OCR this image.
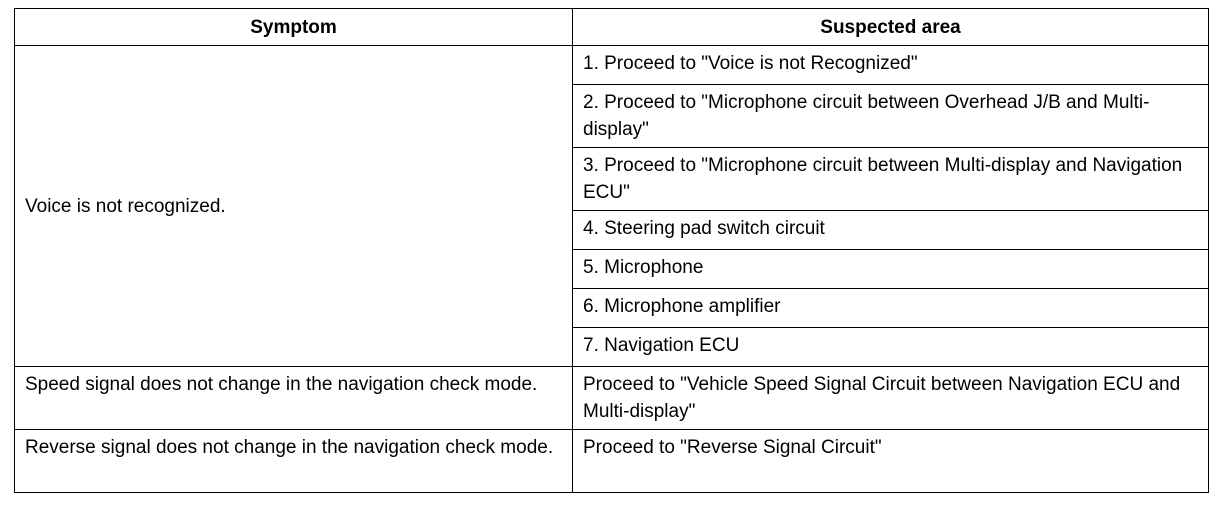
Symptom	Suspected area
Voice is not recognized.	1. Proceed to "Voice is not Recognized"
	2. Proceed to "Microphone circuit between Overhead J/B and Multi-display"
	3. Proceed to "Microphone circuit between Multi-display and Navigation ECU"
	4. Steering pad switch circuit
	5. Microphone
	6. Microphone amplifier
	7. Navigation ECU
Speed signal does not change in the navigation check mode.	Proceed to "Vehicle Speed Signal Circuit between Navigation ECU and Multi-display"
Reverse signal does not change in the navigation check mode.	Proceed to "Reverse Signal Circuit"
